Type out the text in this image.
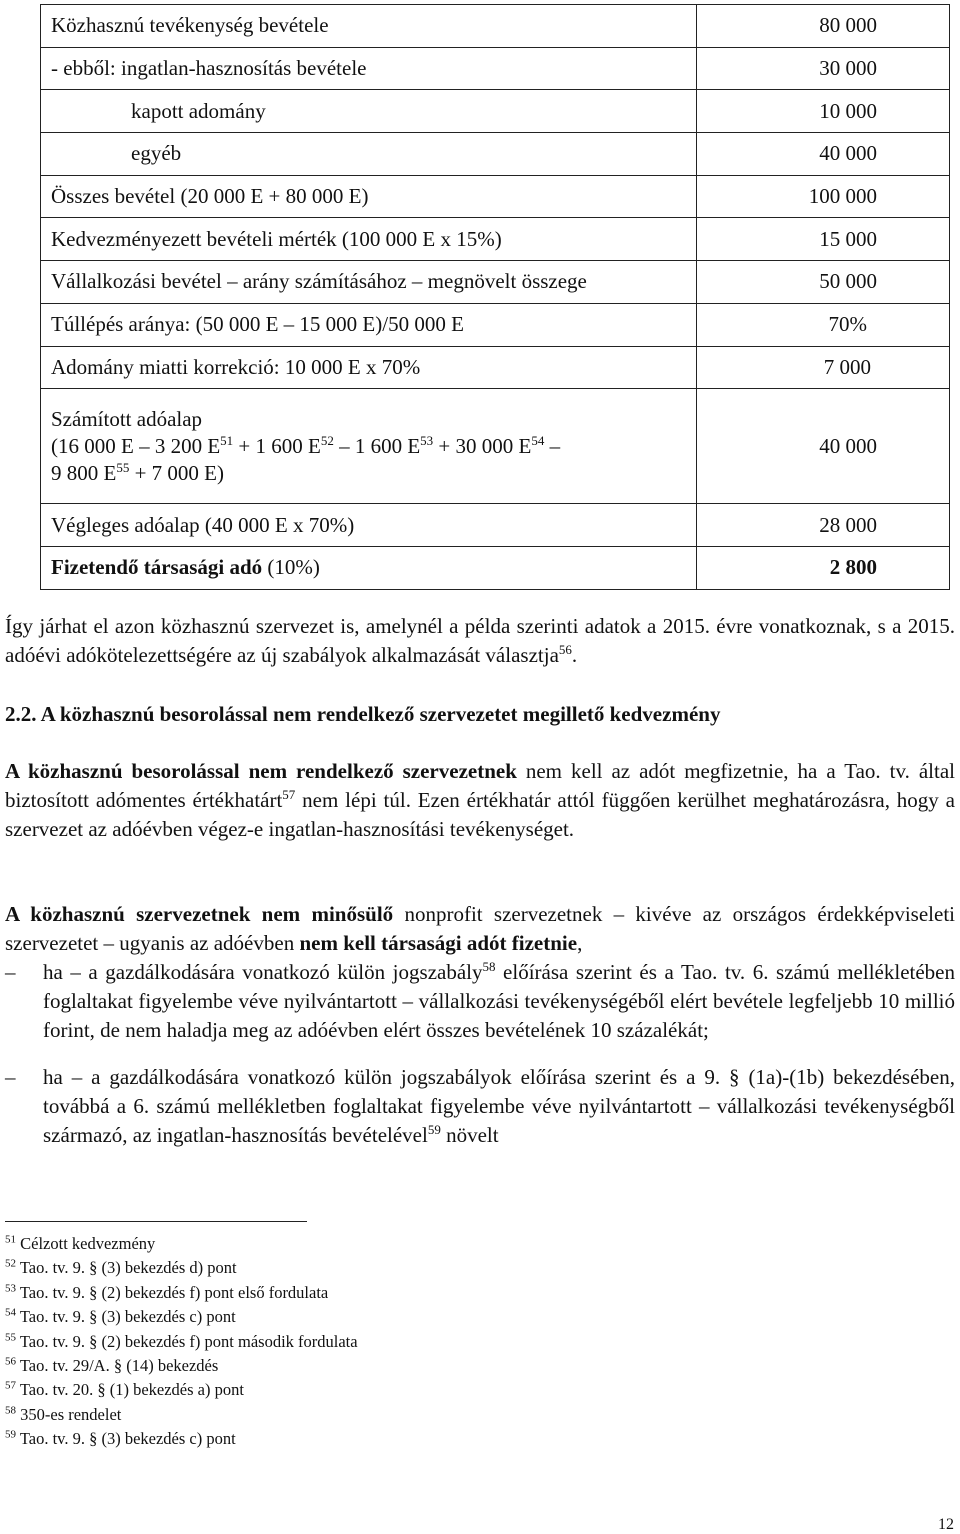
Közhasznú tevékenység bevétele	80 000
- ebből: ingatlan-hasznosítás bevétele	30 000
kapott adomány	10 000
egyéb	40 000
Összes bevétel (20 000 E + 80 000 E)	100 000
Kedvezményezett bevételi mérték (100 000 E x 15%)	15 000
Vállalkozási bevétel – arány számításához – megnövelt összege	50 000
Túllépés aránya: (50 000 E – 15 000 E)/50 000 E	70%
Adomány miatti korrekció: 10 000 E x 70%	7 000

Számított adóalap
(16 000 E – 3 200 $E^{51} + 1$ 600 $E^{52} - 1$ 600 $E^{53} + 30$ 000 $E^{54}$ –
9 800 $E^{55} + 7$ 000 E)	40 000
Végleges adóalap (40 000 E x 70%)	28 000
Fizetendő társasági adó (10%)	2 800

Így járhat el azon közhasznú szervezet is, amelynél a példa szerinti adatok a 2015. évre vonatkoznak, s a 2015. adóévi adókötelezettségére az új szabályok alkalmazását választja$^{56}$.

2.2. A közhasznú besorolással nem rendelkező szervezetet megillető kedvezmény

A közhasznú besorolással nem rendelkező szervezetnek nem kell az adót megfizetnie, ha a Tao. tv. által biztosított adómentes értékhatárt$^{57}$ nem lépi túl. Ezen értékhatár attól függően kerülhet meghatározásra, hogy a szervezet az adóévben végez-e ingatlan-hasznosítási tevékenységet.

A közhasznú szervezetnek nem minősülő nonprofit szervezetnek – kivéve az országos érdekképviseleti szervezetet – ugyanis az adóévben nem kell társasági adót fizetnie,

– ha – a gazdálkodására vonatkozó külön jogszabály$^{58}$ előírása szerint és a Tao. tv. 6. számú mellékletében foglaltakat figyelembe véve nyilvántartott – vállalkozási tevékenységéből elért bevétele legfeljebb 10 millió forint, de nem haladja meg az adóévben elért összes bevételének 10 százalékát;
– ha – a gazdálkodására vonatkozó külön jogszabályok előírása szerint és a 9. § (1a)-(1b) bekezdésében, továbbá a 6. számú mellékletben foglaltakat figyelembe véve nyilvántartott – vállalkozási tevékenységből származó, az ingatlan-hasznosítás bevételével$^{59}$ növelt
$^{51}$ Célzott kedvezmény
$^{52}$ Tao. tv. 9. § (3) bekezdés d) pont
$^{53}$ Tao. tv. 9. § (2) bekezdés f) pont első fordulata
$^{54}$ Tao. tv. 9. § (3) bekezdés c) pont
$^{55}$ Tao. tv. 9. § (2) bekezdés f) pont második fordulata
$^{56}$ Tao. tv. 29/A. § (14) bekezdés
$^{57}$ Tao. tv. 20. § (1) bekezdés a) pont
$^{58}$ 350-es rendelet
$^{59}$ Tao. tv. 9. § (3) bekezdés c) pont
12
